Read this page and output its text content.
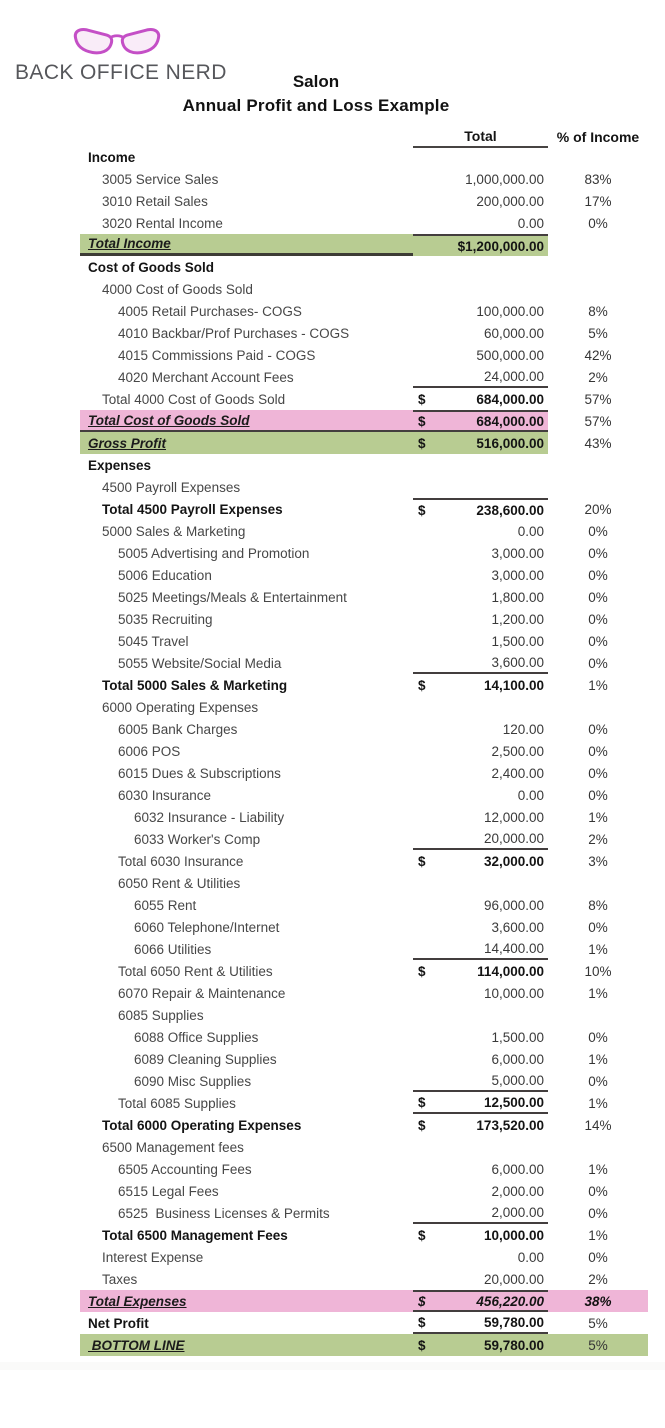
BACK OFFICE NERD	Salon
Annual Profit and Loss Example
Total	% of Income
Income
3005 Service Sales	1,000,000.00	83%
3010 Retail Sales	200,000.00	17%
3020 Rental Income	0.00	0%
Total Income	$1,200,000.00
Cost of Goods Sold
4000 Cost of Goods Sold
4005 Retail Purchases- COGS	100,000.00	8%
4010 Backbar/Prof Purchases - COGS	60,000.00	5%
4015 Commissions Paid - COGS	500,000.00	42%
4020 Merchant Account Fees	24,000.00	2%
Total 4000 Cost of Goods Sold	$	684,000.00	57%
Total Cost of Goods Sold	$	684,000.00	57%
Gross Profit	$	516,000.00	43%
Expenses
4500 Payroll Expenses
Total 4500 Payroll Expenses	$	238,600.00	20%
5000 Sales & Marketing	0.00	0%
5005 Advertising and Promotion	3,000.00	0%
5006 Education	3,000.00	0%
5025 Meetings/Meals & Entertainment	1,800.00	0%
5035 Recruiting	1,200.00	0%
5045 Travel	1,500.00	0%
5055 Website/Social Media	3,600.00	0%
Total 5000 Sales & Marketing	$	14,100.00	1%
6000 Operating Expenses
6005 Bank Charges	120.00	0%
6006 POS	2,500.00	0%
6015 Dues & Subscriptions	2,400.00	0%
6030 Insurance	0.00	0%
6032 Insurance - Liability	12,000.00	1%
6033 Worker's Comp	20,000.00	2%
Total 6030 Insurance	$	32,000.00	3%
6050 Rent & Utilities
6055 Rent	96,000.00	8%
6060 Telephone/Internet	3,600.00	0%
6066 Utilities	14,400.00	1%
Total 6050 Rent & Utilities	$	114,000.00	10%
6070 Repair & Maintenance	10,000.00	1%
6085 Supplies
6088 Office Supplies	1,500.00	0%
6089 Cleaning Supplies	6,000.00	1%
6090 Misc Supplies	5,000.00	0%
Total 6085 Supplies	$	12,500.00	1%
Total 6000 Operating Expenses	$	173,520.00	14%
6500 Management fees
6505 Accounting Fees	6,000.00	1%
6515 Legal Fees	2,000.00	0%
6525  Business Licenses & Permits	2,000.00	0%
Total 6500 Management Fees	$	10,000.00	1%
Interest Expense	0.00	0%
Taxes	20,000.00	2%
Total Expenses	$	456,220.00	38%
Net Profit	$	59,780.00	5%
BOTTOM LINE	$	59,780.00	5%
